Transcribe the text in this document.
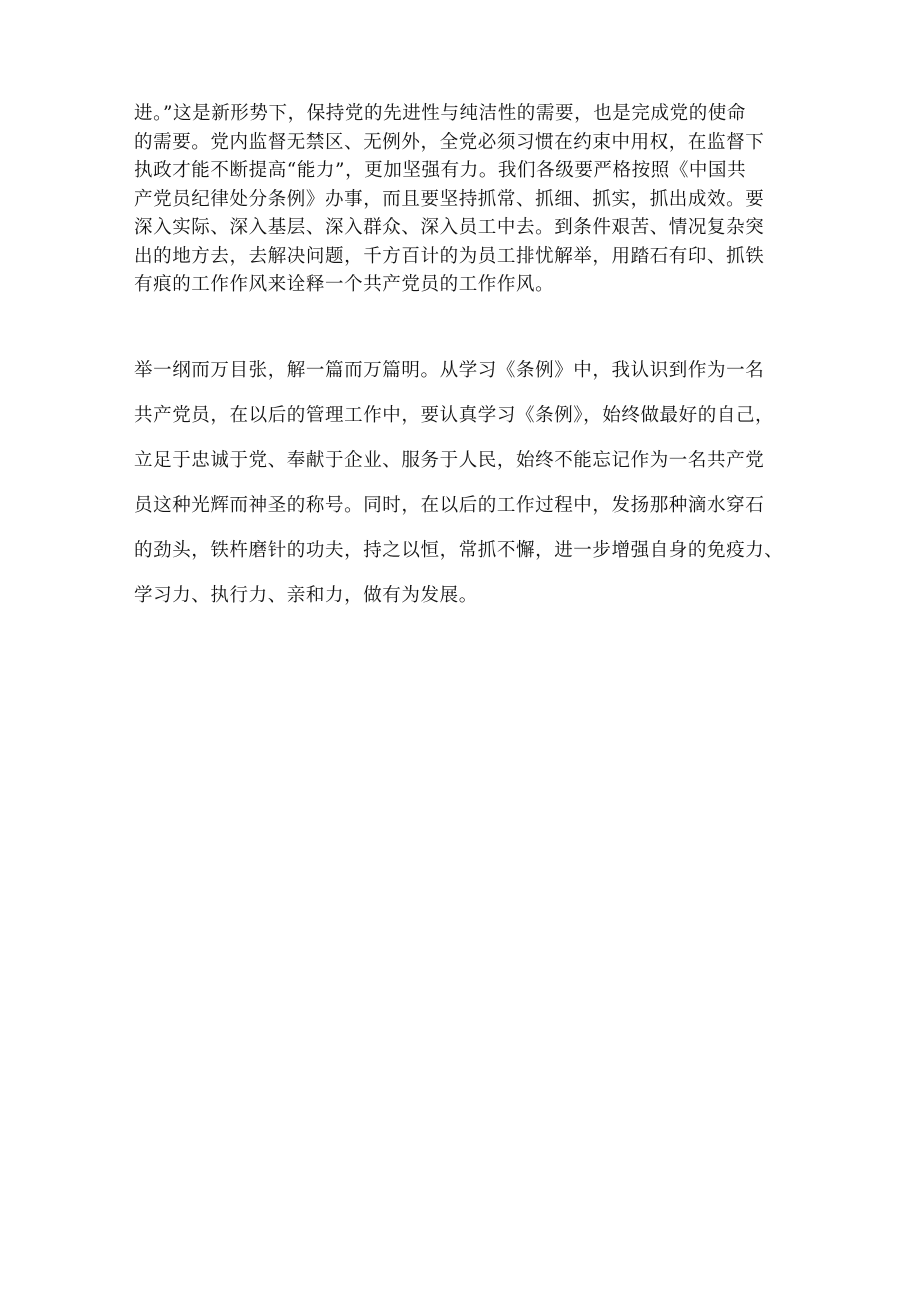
进。”这是新形势下，保持党的先进性与纯洁性的需要，也是完成党的使命
的需要。党内监督无禁区、无例外，全党必须习惯在约束中用权，在监督下
执政才能不断提高“能力”，更加坚强有力。我们各级要严格按照《中国共
产党员纪律处分条例》办事，而且要坚持抓常、抓细、抓实，抓出成效。要
深入实际、深入基层、深入群众、深入员工中去。到条件艰苦、情况复杂突
出的地方去，去解决问题，千方百计的为员工排忧解举，用踏石有印、抓铁
有痕的工作作风来诠释一个共产党员的工作作风。
举一纲而万目张，解一篇而万篇明。从学习《条例》中，我认识到作为一名
共产党员，在以后的管理工作中，要认真学习《条例》，始终做最好的自己，
立足于忠诚于党、奉献于企业、服务于人民，始终不能忘记作为一名共产党
员这种光辉而神圣的称号。同时，在以后的工作过程中，发扬那种滴水穿石
的劲头，铁杵磨针的功夫，持之以恒，常抓不懈，进一步增强自身的免疫力、
学习力、执行力、亲和力，做有为发展。
